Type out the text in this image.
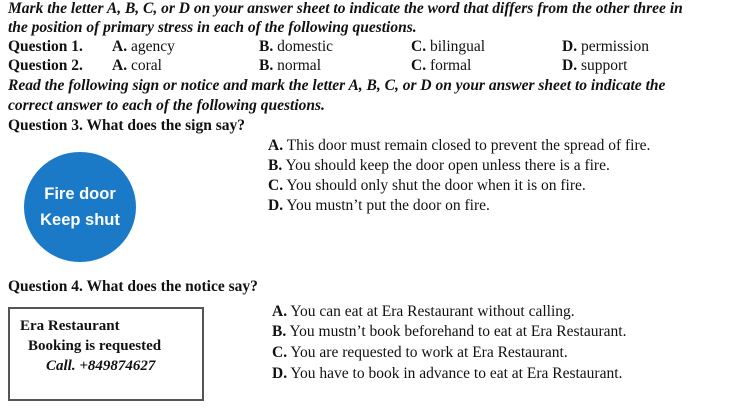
Mark the letter A, B, C, or D on your answer sheet to indicate the word that differs from the other three in
the position of primary stress in each of the following questions.
Question 1. A. agency	B. domestic	C. bilingual	D. permission
Question 2. A. coral	B. normal	C. formal	D. support
Read the following sign or notice and mark the letter A, B, C, or D on your answer sheet to indicate the
correct answer to each of the following questions.
Question 3. What does the sign say?
Fire door
Keep shut
A. This door must remain closed to prevent the spread of fire.
B. You should keep the door open unless there is a fire.
C. You should only shut the door when it is on fire.
D. You mustn’t put the door on fire.
Question 4. What does the notice say?
Era Restaurant
Booking is requested
Call. +849874627
A. You can eat at Era Restaurant without calling.
B. You mustn’t book beforehand to eat at Era Restaurant.
C. You are requested to work at Era Restaurant.
D. You have to book in advance to eat at Era Restaurant.
